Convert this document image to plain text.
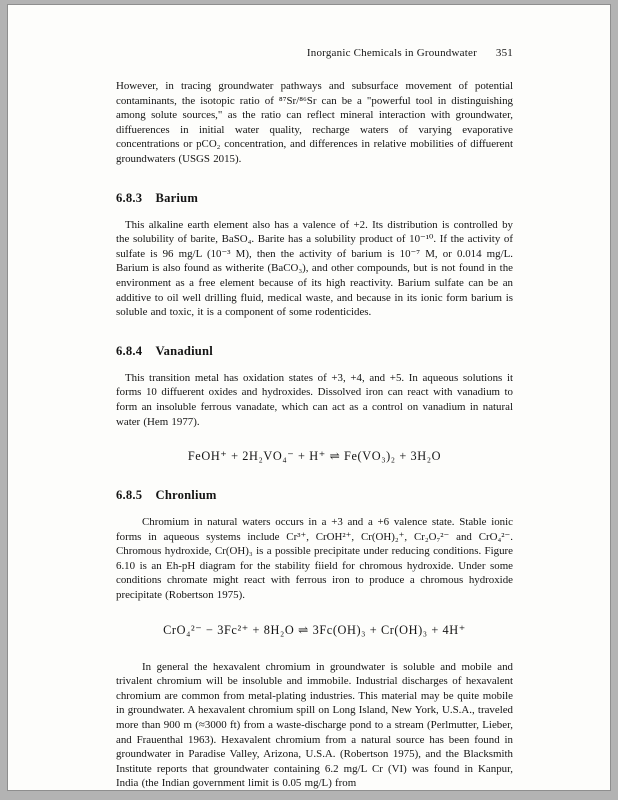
Inorganic Chemicals in Groundwater 351

However, in tracing groundwater pathways and subsurface movement of potential contaminants, the isotopic ratio of ⁸⁷Sr/⁸⁶Sr can be a "powerful tool in distinguishing among solute sources," as the ratio can reflect mineral interaction with groundwater, diffuerences in initial water quality, recharge waters of varying evaporative concentrations or pCO₂ concentration, and differences in relative mobilities of diffuerent groundwaters (USGS 2015).

6.8.3 Barium

This alkaline earth element also has a valence of +2. Its distribution is controlled by the solubility of barite, BaSO₄. Barite has a solubility product of 10⁻¹⁰. If the activity of sulfate is 96 mg/L (10⁻³ M), then the activity of barium is 10⁻⁷ M, or 0.014 mg/L. Barium is also found as witherite (BaCO₃), and other compounds, but is not found in the environment as a free element because of its high reactivity. Barium sulfate can be an additive to oil well drilling fluid, medical waste, and because in its ionic form barium is soluble and toxic, it is a component of some rodenticides.

6.8.4 Vanadiunl

This transition metal has oxidation states of +3, +4, and +5. In aqueous solutions it forms 10 diffuerent oxides and hydroxides. Dissolved iron can react with vanadium to form an insoluble ferrous vanadate, which can act as a control on vanadium in natural water (Hem 1977).

FeOH⁺ + 2H₂VO₄⁻ + H⁺ ⇌ Fe(VO₃)₂ + 3H₂O
6.8.5 Chronlium

Chromium in natural waters occurs in a +3 and a +6 valence state. Stable ionic forms in aqueous systems include Cr³⁺, CrOH²⁺, Cr(OH)₂⁺, Cr₂O₇²⁻ and CrO₄²⁻. Chromous hydroxide, Cr(OH)₃ is a possible precipitate under reducing conditions. Figure 6.10 is an Eh-pH diagram for the stability fiield for chromous hydroxide. Under some conditions chromate might react with ferrous iron to produce a chromous hydroxide precipitate (Robertson 1975).

CrO₄²⁻ − 3Fc²⁺ + 8H₂O ⇌ 3Fc(OH)₃ + Cr(OH)₃ + 4H⁺

In general the hexavalent chromium in groundwater is soluble and mobile and trivalent chromium will be insoluble and immobile. Industrial discharges of hexavalent chromium are common from metal-plating industries. This material may be quite mobile in groundwater. A hexavalent chromium spill on Long Island, New York, U.S.A., traveled more than 900 m (≈3000 ft) from a waste-discharge pond to a stream (Perlmutter, Lieber, and Frauenthal 1963). Hexavalent chromium from a natural source has been found in groundwater in Paradise Valley, Arizona, U.S.A. (Robertson 1975), and the Blacksmith Institute reports that groundwater containing 6.2 mg/L Cr (VI) was found in Kanpur, India (the Indian government limit is 0.05 mg/L) from
